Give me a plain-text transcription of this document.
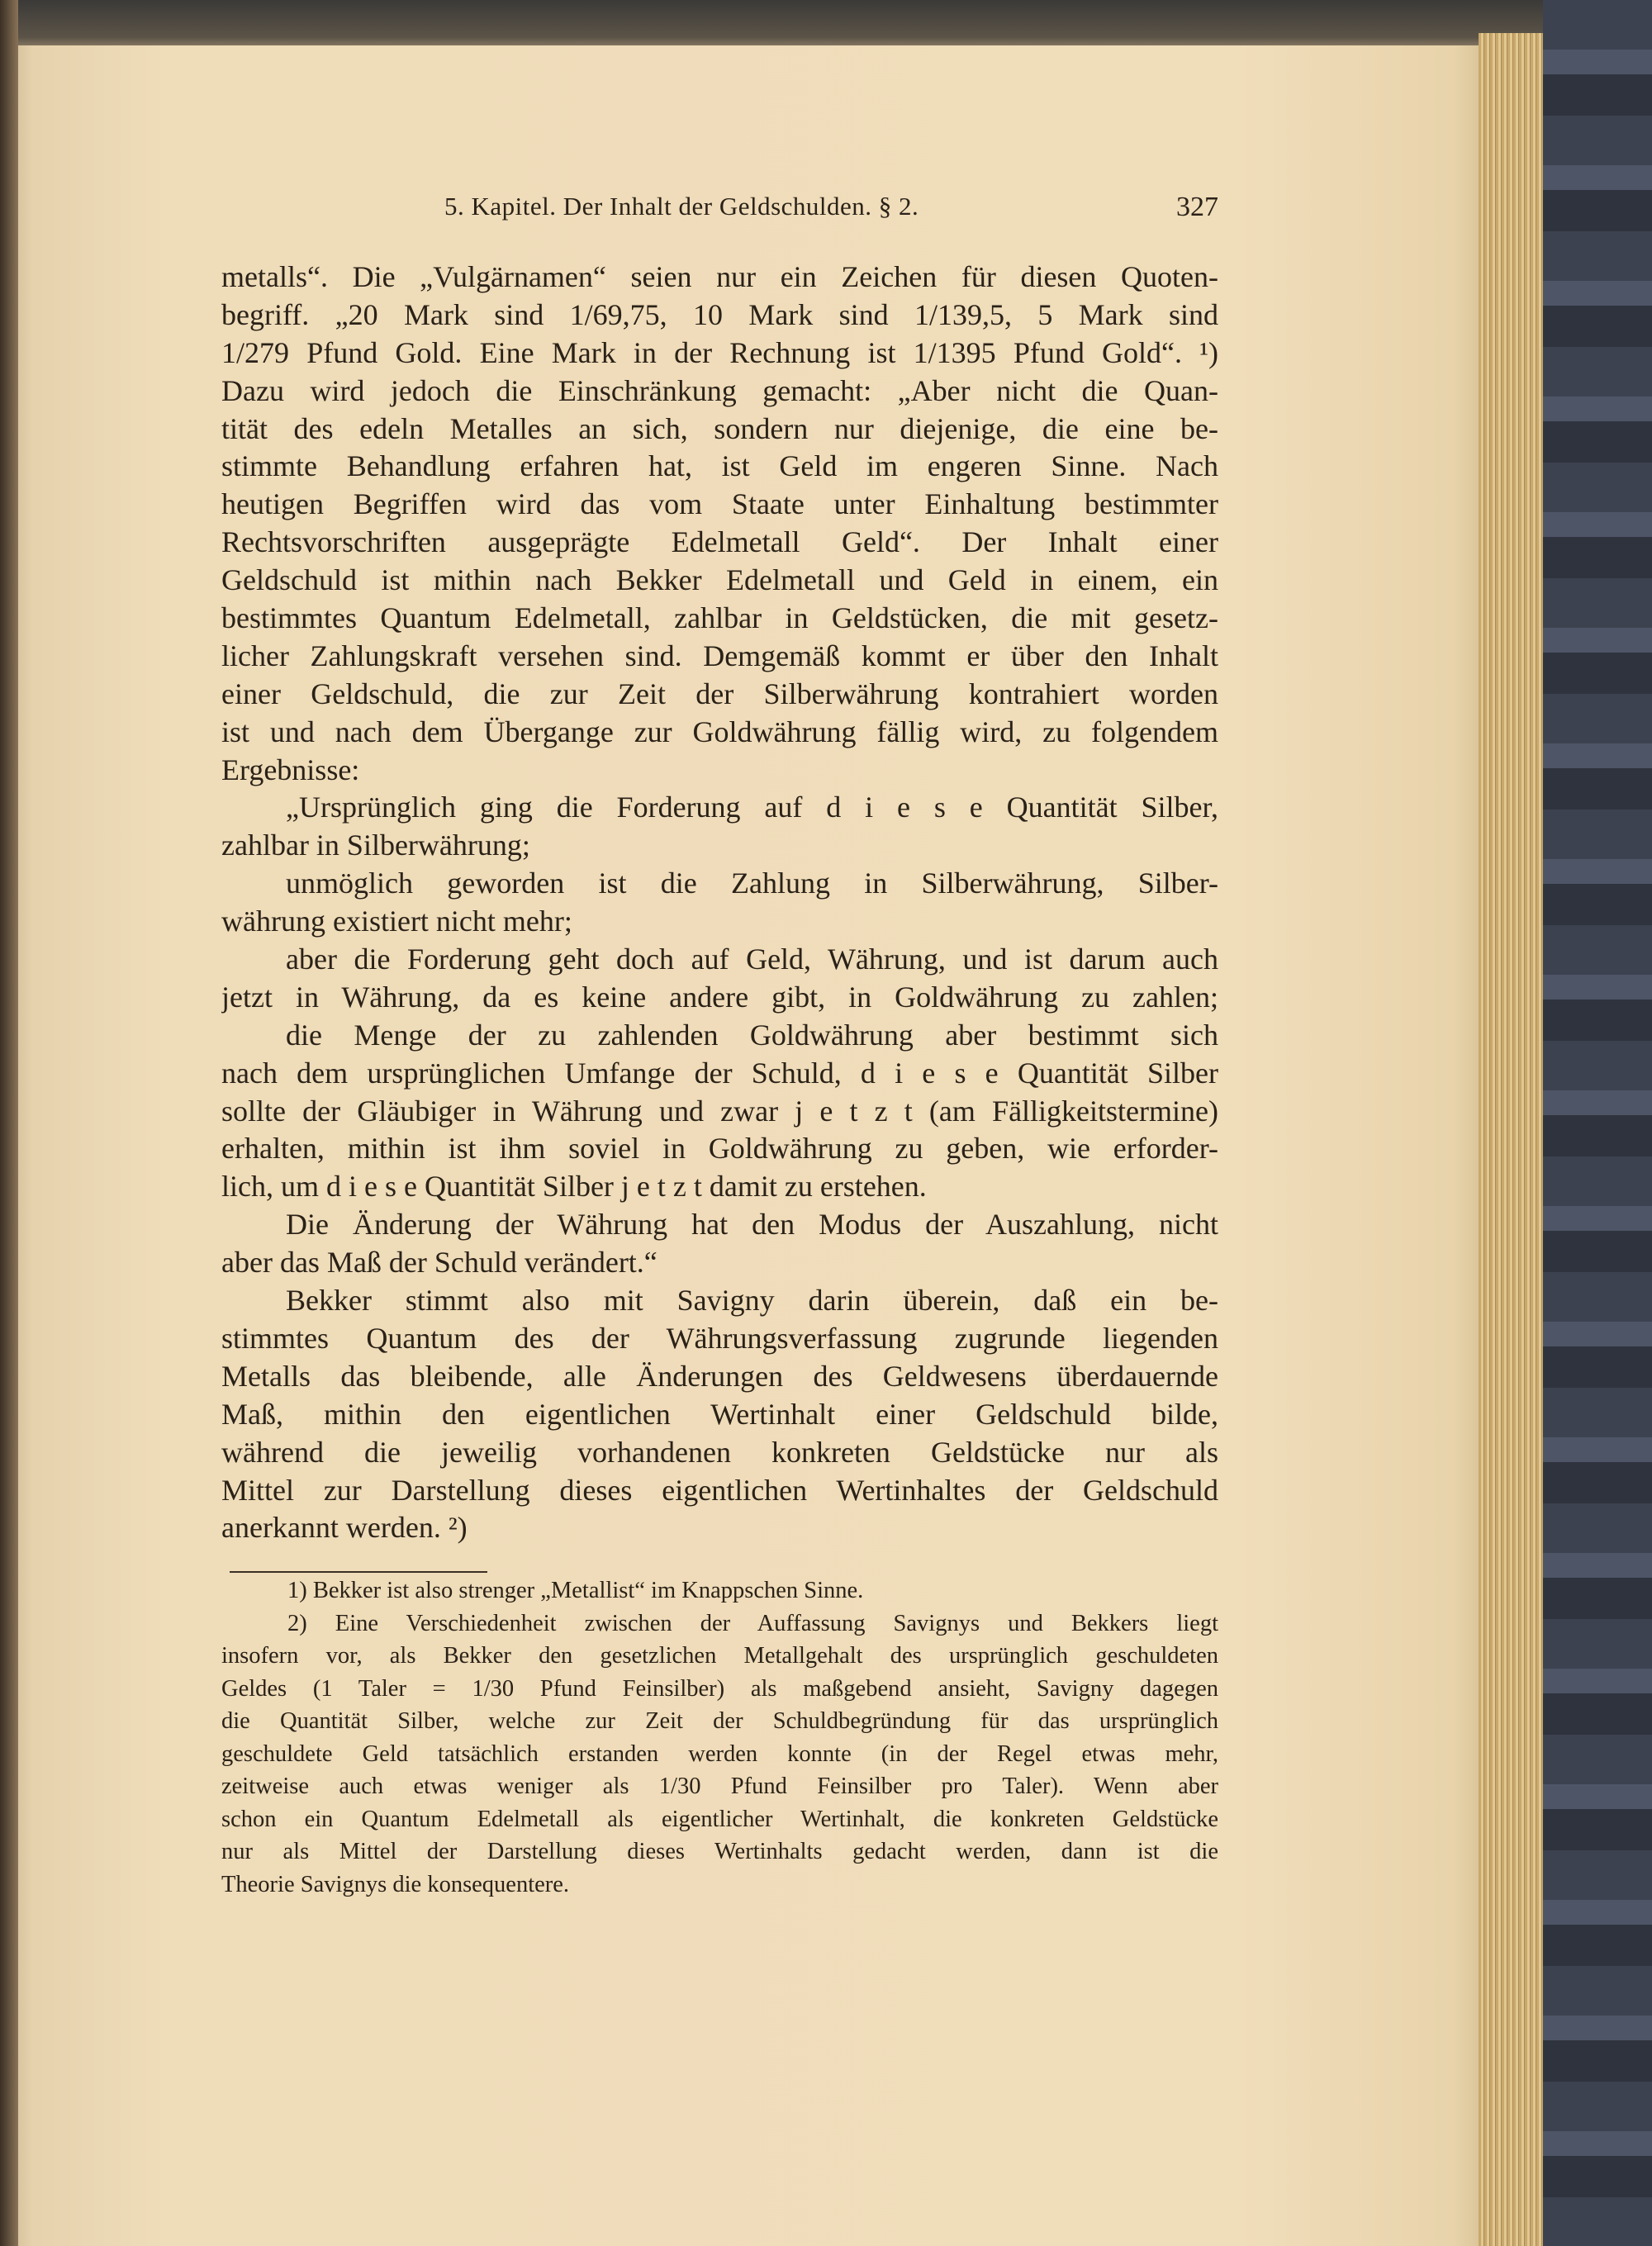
5. Kapitel. Der Inhalt der Geldschulden. § 2.	327
metalls“. Die „Vulgärnamen“ seien nur ein Zeichen für diesen Quoten-
begriff. „20 Mark sind 1/69,75, 10 Mark sind 1/139,5, 5 Mark sind
1/279 Pfund Gold. Eine Mark in der Rechnung ist 1/1395 Pfund Gold“. ¹)
Dazu wird jedoch die Einschränkung gemacht: „Aber nicht die Quan-
tität des edeln Metalles an sich, sondern nur diejenige, die eine be-
stimmte Behandlung erfahren hat, ist Geld im engeren Sinne. Nach
heutigen Begriffen wird das vom Staate unter Einhaltung bestimmter
Rechtsvorschriften ausgeprägte Edelmetall Geld“. Der Inhalt einer
Geldschuld ist mithin nach Bekker Edelmetall und Geld in einem, ein
bestimmtes Quantum Edelmetall, zahlbar in Geldstücken, die mit gesetz-
licher Zahlungskraft versehen sind. Demgemäß kommt er über den Inhalt
einer Geldschuld, die zur Zeit der Silberwährung kontrahiert worden
ist und nach dem Übergange zur Goldwährung fällig wird, zu folgendem
Ergebnisse:
„Ursprünglich ging die Forderung auf d i e s e Quantität Silber,
zahlbar in Silberwährung;
unmöglich geworden ist die Zahlung in Silberwährung, Silber-
währung existiert nicht mehr;
aber die Forderung geht doch auf Geld, Währung, und ist darum auch
jetzt in Währung, da es keine andere gibt, in Goldwährung zu zahlen;
die Menge der zu zahlenden Goldwährung aber bestimmt sich
nach dem ursprünglichen Umfange der Schuld, d i e s e Quantität Silber
sollte der Gläubiger in Währung und zwar j e t z t (am Fälligkeitstermine)
erhalten, mithin ist ihm soviel in Goldwährung zu geben, wie erforder-
lich, um d i e s e Quantität Silber j e t z t damit zu erstehen.
Die Änderung der Währung hat den Modus der Auszahlung, nicht
aber das Maß der Schuld verändert.“
Bekker stimmt also mit Savigny darin überein, daß ein be-
stimmtes Quantum des der Währungsverfassung zugrunde liegenden
Metalls das bleibende, alle Änderungen des Geldwesens überdauernde
Maß, mithin den eigentlichen Wertinhalt einer Geldschuld bilde,
während die jeweilig vorhandenen konkreten Geldstücke nur als
Mittel zur Darstellung dieses eigentlichen Wertinhaltes der Geldschuld
anerkannt werden. ²)
1) Bekker ist also strenger „Metallist“ im Knappschen Sinne.
2) Eine Verschiedenheit zwischen der Auffassung Savignys und Bekkers liegt
insofern vor, als Bekker den gesetzlichen Metallgehalt des ursprünglich geschuldeten
Geldes (1 Taler = 1/30 Pfund Feinsilber) als maßgebend ansieht, Savigny dagegen
die Quantität Silber, welche zur Zeit der Schuldbegründung für das ursprünglich
geschuldete Geld tatsächlich erstanden werden konnte (in der Regel etwas mehr,
zeitweise auch etwas weniger als 1/30 Pfund Feinsilber pro Taler). Wenn aber
schon ein Quantum Edelmetall als eigentlicher Wertinhalt, die konkreten Geldstücke
nur als Mittel der Darstellung dieses Wertinhalts gedacht werden, dann ist die
Theorie Savignys die konsequentere.
